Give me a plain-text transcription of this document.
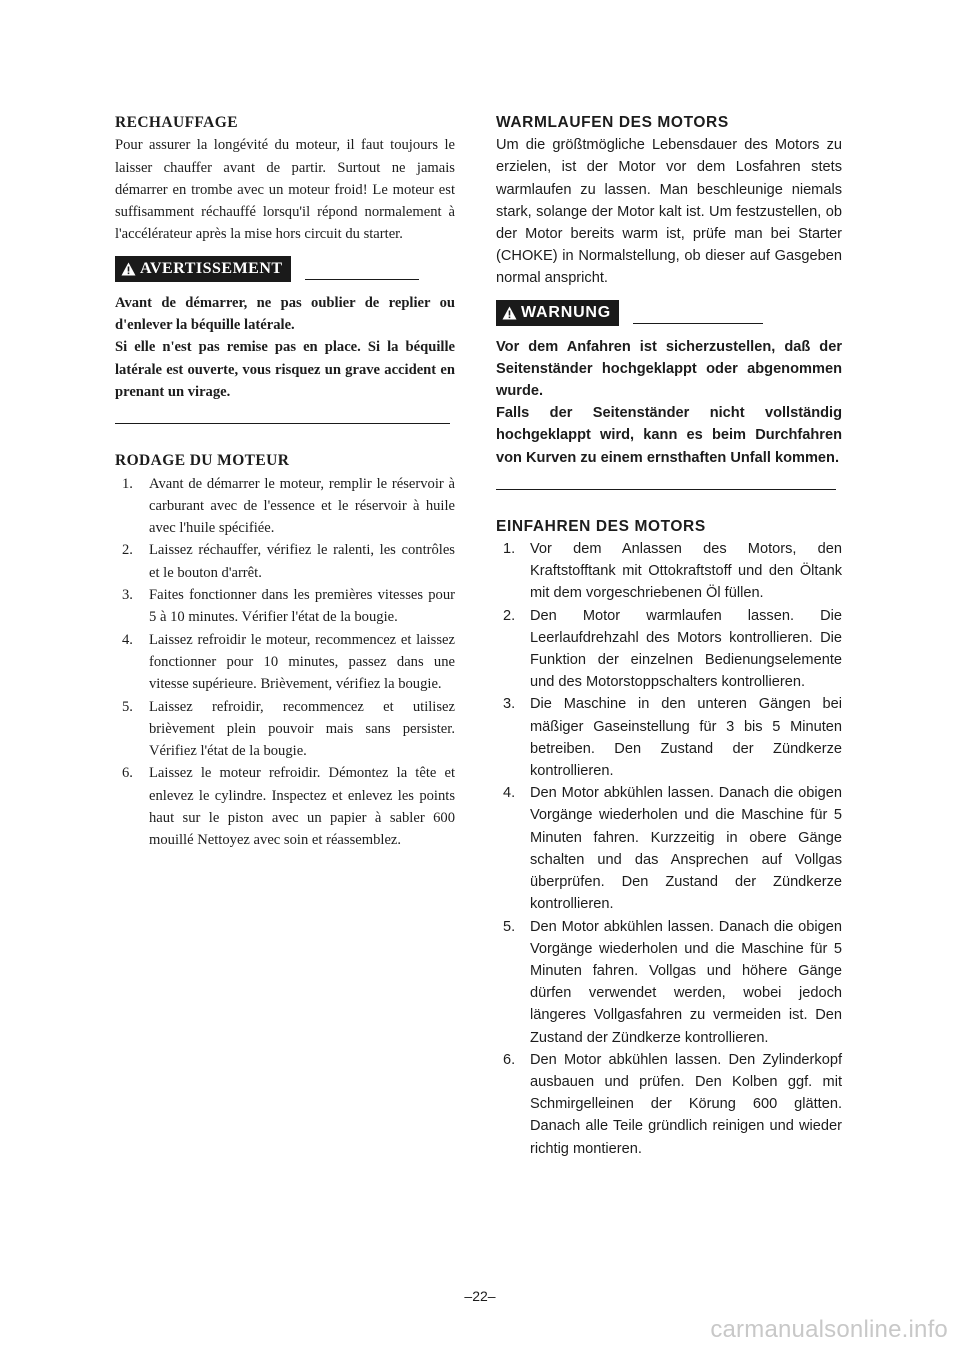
RECHAUFFAGE

Pour assurer la longévité du moteur, il faut toujours le laisser chauffer avant de partir. Surtout ne jamais démarrer en trombe avec un moteur froid! Le moteur est suffisamment réchauffé lorsqu'il répond normalement à l'accélérateur après la mise hors circuit du starter.

AVERTISSEMENT

Avant de démarrer, ne pas oublier de replier ou d'enlever la béquille latérale.

Si elle n'est pas remise pas en place. Si la béquille latérale est ouverte, vous risquez un grave accident en prenant un virage.

RODAGE DU MOTEUR
1. Avant de démarrer le moteur, remplir le réservoir à carburant avec de l'essence et le réservoir à huile avec l'huile spécifiée.
2. Laissez réchauffer, vérifiez le ralenti, les contrôles et le bouton d'arrêt.
3. Faites fonctionner dans les premières vitesses pour 5 à 10 minutes. Vérifier l'état de la bougie.
4. Laissez refroidir le moteur, recommencez et laissez fonctionner pour 10 minutes, passez dans une vitesse supérieure. Brièvement, vérifiez la bougie.
5. Laissez refroidir, recommencez et utilisez brièvement plein pouvoir mais sans persister. Vérifiez l'état de la bougie.
6. Laissez le moteur refroidir. Démontez la tête et enlevez le cylindre. Inspectez et enlevez les points haut sur le piston avec un papier à sabler 600 mouillé Nettoyez avec soin et réassemblez.
WARMLAUFEN DES MOTORS

Um die größtmögliche Lebensdauer des Motors zu erzielen, ist der Motor vor dem Losfahren stets warmlaufen zu lassen. Man beschleunige niemals stark, solange der Motor kalt ist. Um festzustellen, ob der Motor bereits warm ist, prüfe man bei Starter (CHOKE) in Normalstellung, ob dieser auf Gasgeben normal anspricht.

WARNUNG

Vor dem Anfahren ist sicherzustellen, daß der Seitenständer hochgeklappt oder abgenommen wurde.

Falls der Seitenständer nicht vollständig hochgeklappt wird, kann es beim Durchfahren von Kurven zu einem ernsthaften Unfall kommen.

EINFAHREN DES MOTORS
1. Vor dem Anlassen des Motors, den Kraftstofftank mit Ottokraftstoff und den Öltank mit dem vorgeschriebenen Öl füllen.
2. Den Motor warmlaufen lassen. Die Leerlaufdrehzahl des Motors kontrollieren. Die Funktion der einzelnen Bedienungselemente und des Motorstoppschalters kontrollieren.
3. Die Maschine in den unteren Gängen bei mäßiger Gaseinstellung für 3 bis 5 Minuten betreiben. Den Zustand der Zündkerze kontrollieren.
4. Den Motor abkühlen lassen. Danach die obigen Vorgänge wiederholen und die Maschine für 5 Minuten fahren. Kurzzeitig in obere Gänge schalten und das Ansprechen auf Vollgas überprüfen. Den Zustand der Zündkerze kontrollieren.
5. Den Motor abkühlen lassen. Danach die obigen Vorgänge wiederholen und die Maschine für 5 Minuten fahren. Vollgas und höhere Gänge dürfen verwendet werden, wobei jedoch längeres Vollgasfahren zu vermeiden ist. Den Zustand der Zündkerze kontrollieren.
6. Den Motor abkühlen lassen. Den Zylinderkopf ausbauen und prüfen. Den Kolben ggf. mit Schmirgelleinen der Körung 600 glätten. Danach alle Teile gründlich reinigen und wieder richtig montieren.
–22–
carmanualsonline.info
